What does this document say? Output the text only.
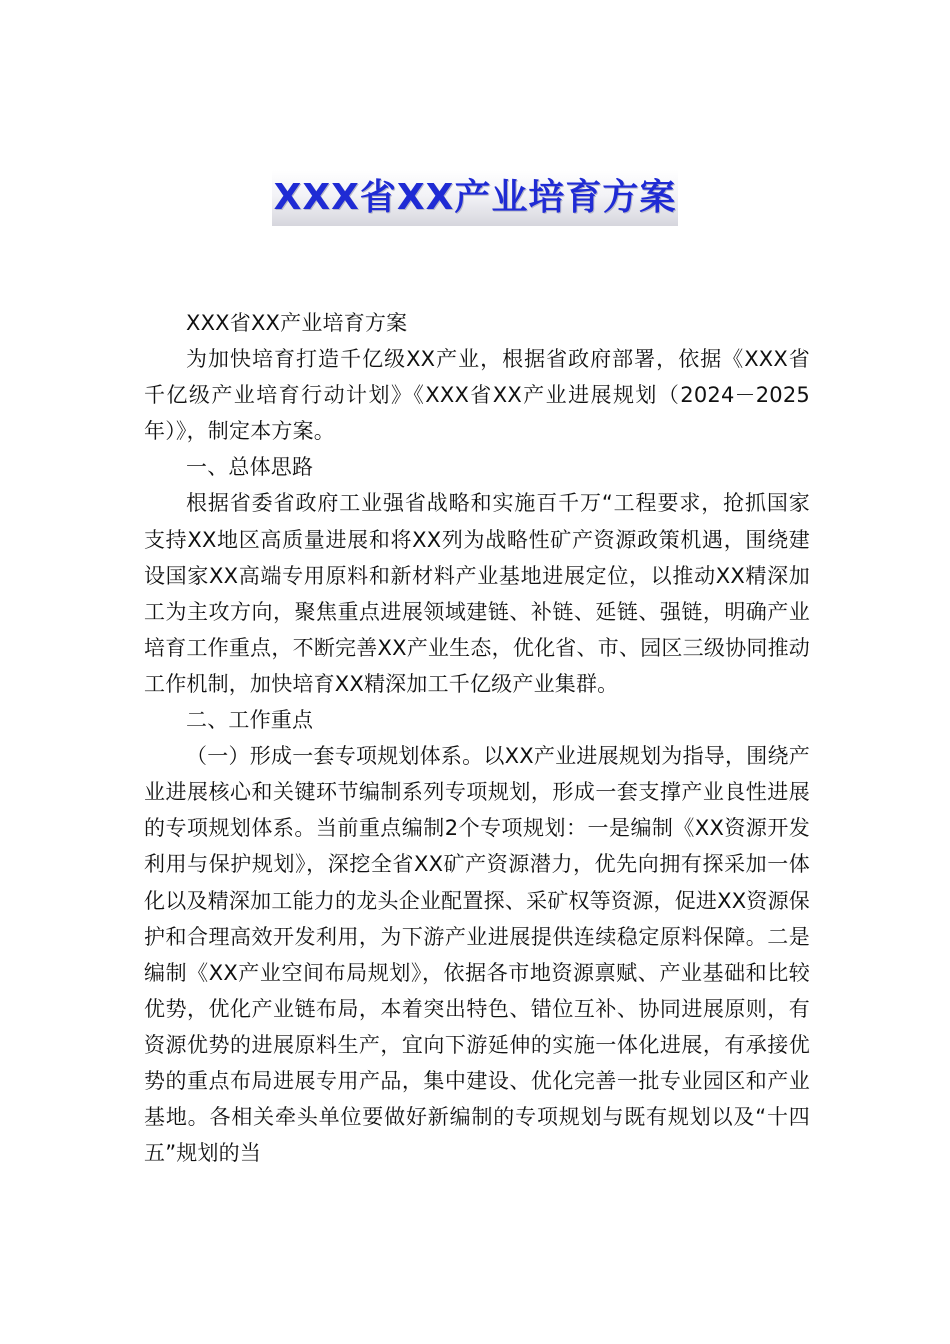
XXX省XX产业培育方案

XXX省XX产业培育方案

为加快培育打造千亿级XX产业，根据省政府部署，依据《XXX省千亿级产业培育行动计划》《XXX省XX产业进展规划（2024－2025年）》，制定本方案。

一、总体思路

根据省委省政府工业强省战略和实施百千万“工程要求，抢抓国家支持XX地区高质量进展和将XX列为战略性矿产资源政策机遇，围绕建设国家XX高端专用原料和新材料产业基地进展定位，以推动XX精深加工为主攻方向，聚焦重点进展领域建链、补链、延链、强链，明确产业培育工作重点，不断完善XX产业生态，优化省、市、园区三级协同推动工作机制，加快培育XX精深加工千亿级产业集群。

二、工作重点

（一）形成一套专项规划体系。以XX产业进展规划为指导，围绕产业进展核心和关键环节编制系列专项规划，形成一套支撑产业良性进展的专项规划体系。当前重点编制2个专项规划：一是编制《XX资源开发利用与保护规划》，深挖全省XX矿产资源潜力，优先向拥有探采加一体化以及精深加工能力的龙头企业配置探、采矿权等资源，促进XX资源保护和合理高效开发利用，为下游产业进展提供连续稳定原料保障。二是编制《XX产业空间布局规划》，依据各市地资源禀赋、产业基础和比较优势，优化产业链布局，本着突出特色、错位互补、协同进展原则，有资源优势的进展原料生产，宜向下游延伸的实施一体化进展，有承接优势的重点布局进展专用产品，集中建设、优化完善一批专业园区和产业基地。各相关牵头单位要做好新编制的专项规划与既有规划以及“十四五”规划的当
